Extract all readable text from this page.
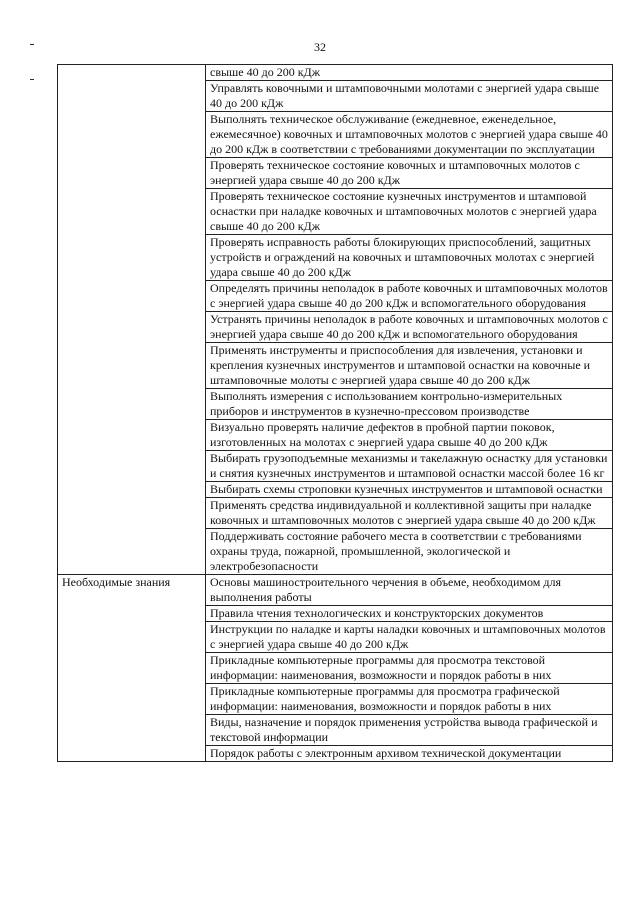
32
	свыше 40 до 200 кДж
	Управлять ковочными и штамповочными молотами с энергией удара свыше 40 до 200 кДж
	Выполнять техническое обслуживание (ежедневное, еженедельное, ежемесячное) ковочных и штамповочных молотов с энергией удара свыше 40 до 200 кДж в соответствии с требованиями документации по эксплуатации
	Проверять техническое состояние ковочных и штамповочных молотов с энергией удара свыше 40 до 200 кДж
	Проверять техническое состояние кузнечных инструментов и штамповой оснастки при наладке ковочных и штамповочных молотов с энергией удара свыше 40 до 200 кДж
	Проверять исправность работы блокирующих приспособлений, защитных устройств и ограждений на ковочных и штамповочных молотах с энергией удара свыше 40 до 200 кДж
	Определять причины неполадок в работе ковочных и штамповочных молотов с энергией удара свыше 40 до 200 кДж и вспомогательного оборудования
	Устранять причины неполадок в работе ковочных и штамповочных молотов с энергией удара свыше 40 до 200 кДж и вспомогательного оборудования
	Применять инструменты и приспособления для извлечения, установки и крепления кузнечных инструментов и штамповой оснастки на ковочные и штамповочные молоты с энергией удара свыше 40 до 200 кДж
	Выполнять измерения с использованием контрольно-измерительных приборов и инструментов в кузнечно-прессовом производстве
	Визуально проверять наличие дефектов в пробной партии поковок, изготовленных на молотах с энергией удара свыше 40 до 200 кДж
	Выбирать грузоподъемные механизмы и такелажную оснастку для установки и снятия кузнечных инструментов и штамповой оснастки массой более 16 кг
	Выбирать схемы строповки кузнечных инструментов и штамповой оснастки
	Применять средства индивидуальной и коллективной защиты при наладке ковочных и штамповочных молотов с энергией удара свыше 40 до 200 кДж
	Поддерживать состояние рабочего места в соответствии с требованиями охраны труда, пожарной, промышленной, экологической и электробезопасности
Необходимые знания	Основы машиностроительного черчения в объеме, необходимом для выполнения работы
	Правила чтения технологических и конструкторских документов
	Инструкции по наладке и карты наладки ковочных и штамповочных молотов с энергией удара свыше 40 до 200 кДж
	Прикладные компьютерные программы для просмотра текстовой информации: наименования, возможности и порядок работы в них
	Прикладные компьютерные программы для просмотра графической информации: наименования, возможности и порядок работы в них
	Виды, назначение и порядок применения устройства вывода графической и текстовой информации
	Порядок работы с электронным архивом технической документации
